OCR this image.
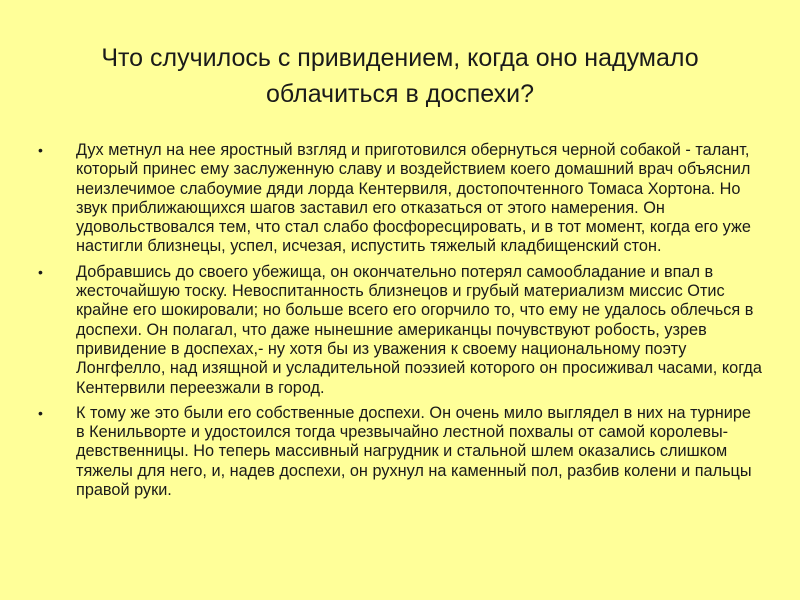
Что случилось с привидением, когда оно надумало облачиться в доспехи?
• Дух метнул на нее яростный взгляд и приготовился обернуться черной собакой - талант, который принес ему заслуженную славу и воздействием коего домашний врач объяснил неизлечимое слабоумие дяди лорда Кентервиля, достопочтенного Томаса Хортона. Но звук приближающихся шагов заставил его отказаться от этого намерения. Он удовольствовался тем, что стал слабо фосфоресцировать, и в тот момент, когда его уже настигли близнецы, успел, исчезая, испустить тяжелый кладбищенский стон.
• Добравшись до своего убежища, он окончательно потерял самообладание и впал в жесточайшую тоску. Невоспитанность близнецов и грубый материализм миссис Отис крайне его шокировали; но больше всего его огорчило то, что ему не удалось облечься в доспехи. Он полагал, что даже нынешние американцы почувствуют робость, узрев привидение в доспехах,- ну хотя бы из уважения к своему национальному поэту Лонгфелло, над изящной и усладительной поэзией которого он просиживал часами, когда Кентервили переезжали в город.
• К тому же это были его собственные доспехи. Он очень мило выглядел в них на турнире в Кенильворте и удостоился тогда чрезвычайно лестной похвалы от самой королевы-девственницы. Но теперь массивный нагрудник и стальной шлем оказались слишком тяжелы для него, и, надев доспехи, он рухнул на каменный пол, разбив колени и пальцы правой руки.
